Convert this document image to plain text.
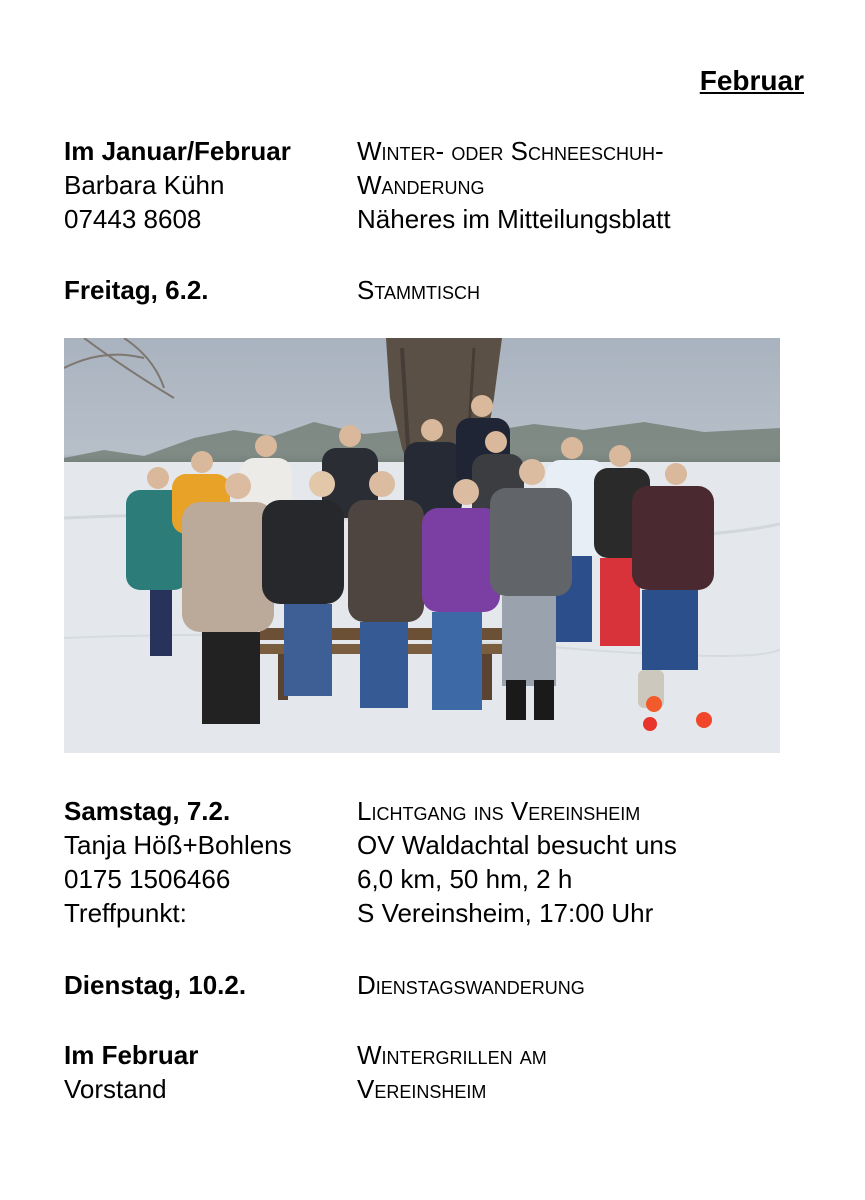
Februar
Im Januar/Februar
Barbara Kühn
07443 8608
Winter- oder Schneeschuh-
Wanderung
Näheres im Mitteilungsblatt
Freitag, 6.2.	Stammtisch
Samstag, 7.2.
Tanja Höß+Bohlens
0175 1506466
Treffpunkt:
Lichtgang ins Vereinsheim
OV Waldachtal besucht uns
6,0 km, 50 hm, 2 h
S Vereinsheim, 17:00 Uhr
Dienstag, 10.2.	Dienstagswanderung
Im Februar
Vorstand
Wintergrillen am
Vereinsheim
